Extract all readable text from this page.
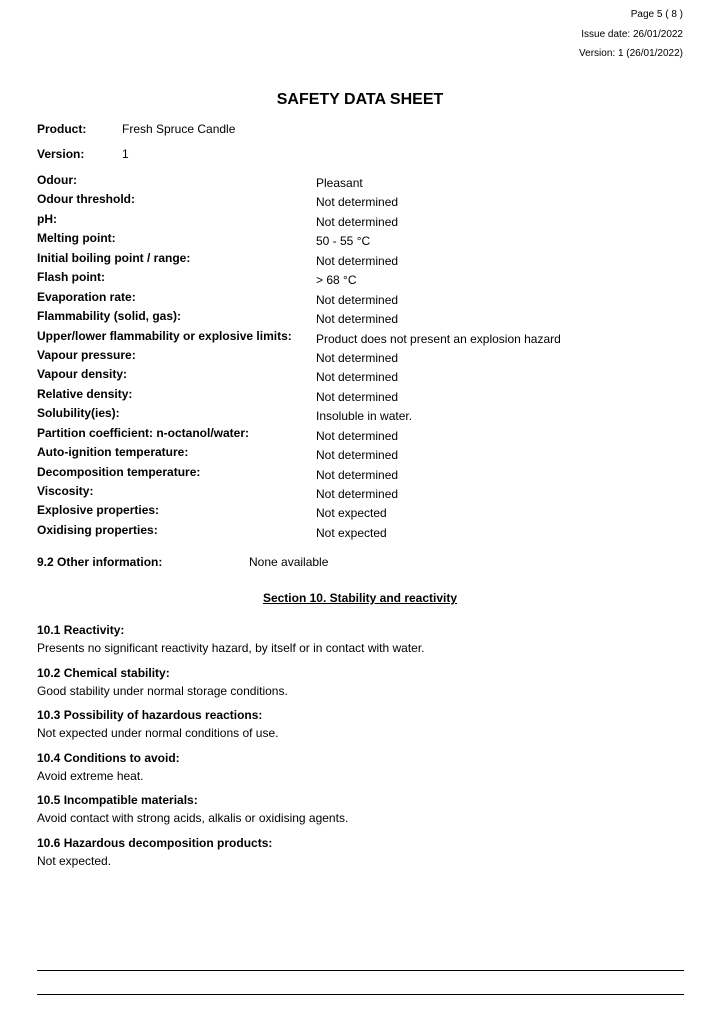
Page 5 ( 8 )
Issue date: 26/01/2022
Version: 1 (26/01/2022)
SAFETY DATA SHEET
Product:	Fresh Spruce Candle
Version:	1
Odour:	Pleasant
Odour threshold:	Not determined
pH:	Not determined
Melting point:	50 - 55 °C
Initial boiling point / range:	Not determined
Flash point:	> 68 °C
Evaporation rate:	Not determined
Flammability (solid, gas):	Not determined
Upper/lower flammability or explosive limits: Product does not present an explosion hazard
Vapour pressure:	Not determined
Vapour density:	Not determined
Relative density:	Not determined
Solubility(ies):	Insoluble in water.
Partition coefficient: n-octanol/water:	Not determined
Auto-ignition temperature:	Not determined
Decomposition temperature:	Not determined
Viscosity:	Not determined
Explosive properties:	Not expected
Oxidising properties:	Not expected
9.2 Other information:	None available
Section 10. Stability and reactivity
10.1 Reactivity:
Presents no significant reactivity hazard, by itself or in contact with water.
10.2 Chemical stability:
Good stability under normal storage conditions.
10.3 Possibility of hazardous reactions:
Not expected under normal conditions of use.
10.4 Conditions to avoid:
Avoid extreme heat.
10.5 Incompatible materials:
Avoid contact with strong acids, alkalis or oxidising agents.
10.6 Hazardous decomposition products:
Not expected.
